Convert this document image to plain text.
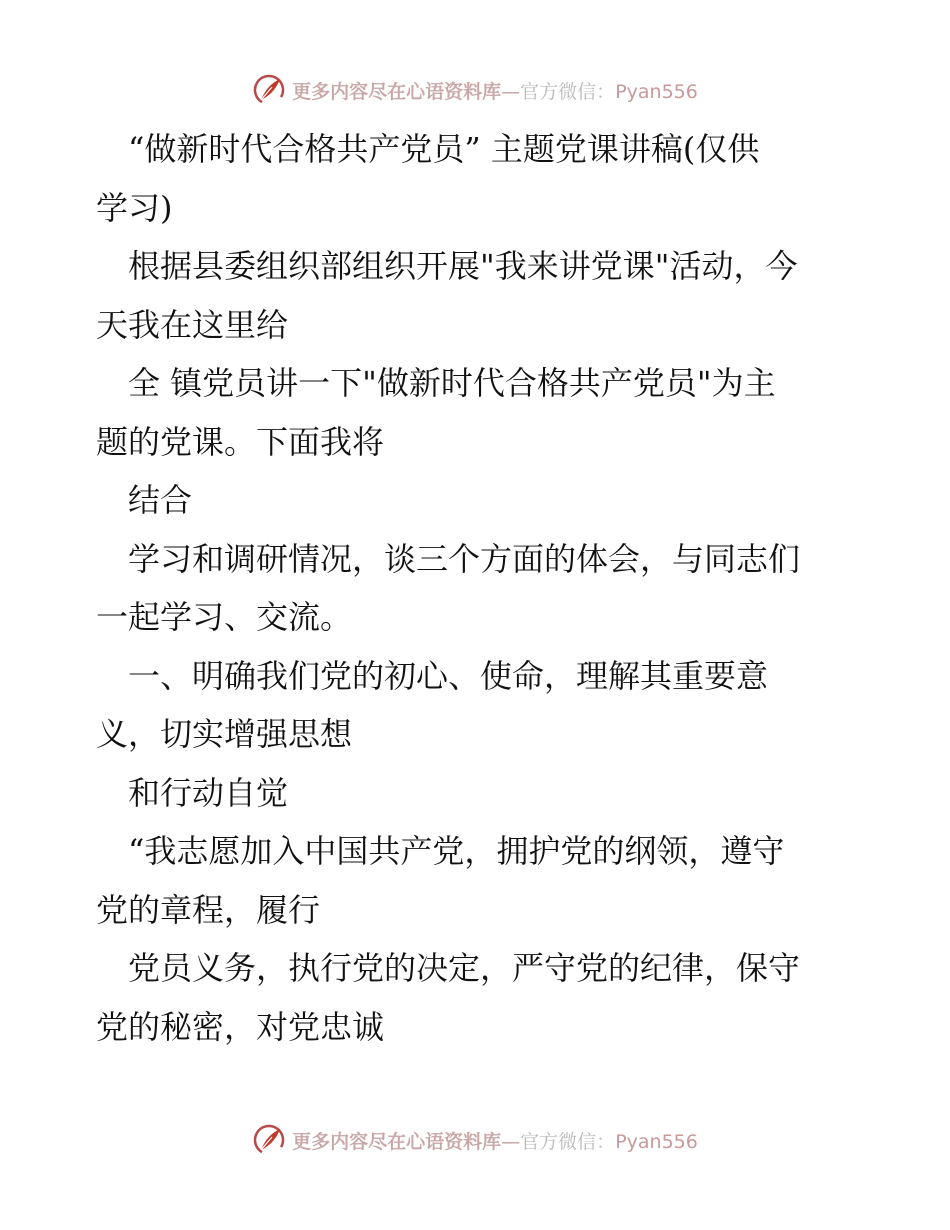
更多内容尽在心语资料库—官方微信：Pyan556
　“做新时代合格共产党员” 主题党课讲稿(仅供
学习)
　根据县委组织部组织开展"我来讲党课"活动，今
天我在这里给
　全 镇党员讲一下"做新时代合格共产党员"为主
题的党课。下面我将
　结合
　学习和调研情况，谈三个方面的体会，与同志们
一起学习、交流。
　一、明确我们党的初心、使命，理解其重要意
义，切实增强思想
　和行动自觉
　“我志愿加入中国共产党，拥护党的纲领，遵守
党的章程，履行
　党员义务，执行党的决定，严守党的纪律，保守
党的秘密，对党忠诚
更多内容尽在心语资料库—官方微信：Pyan556
